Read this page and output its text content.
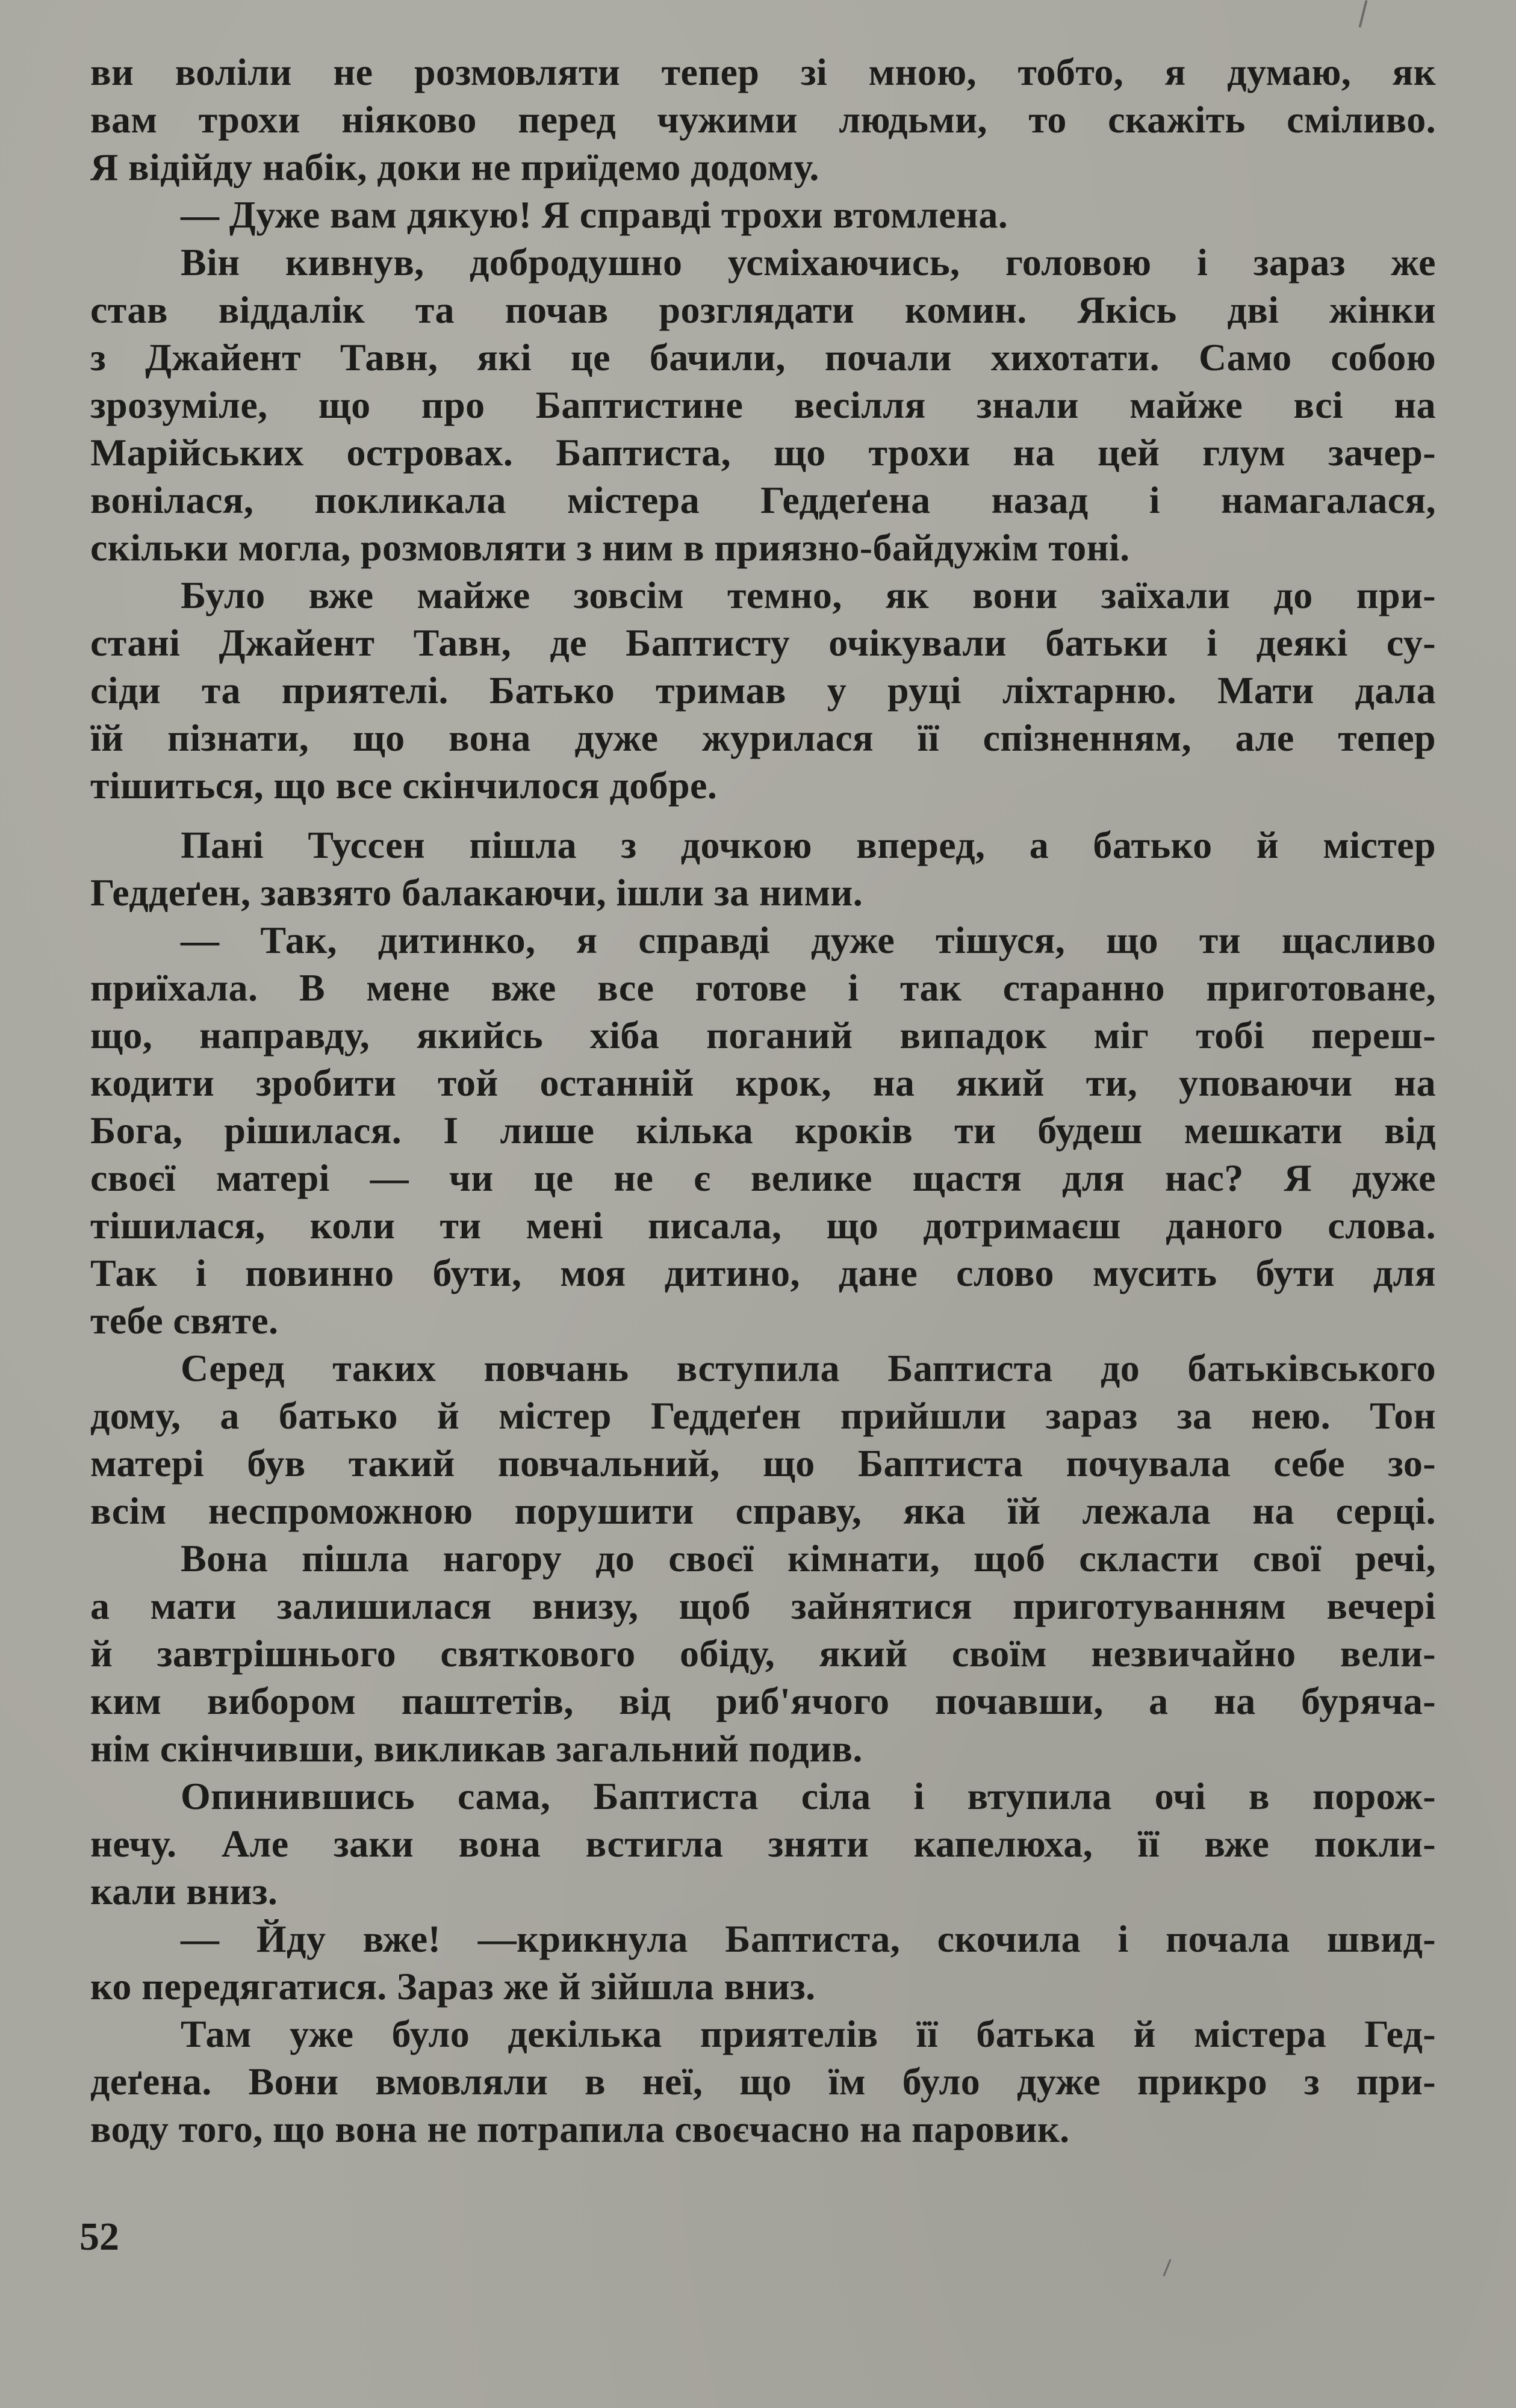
ви воліли не розмовляти тепер зі мною, тобто, я думаю, як
вам трохи ніяково перед чужими людьми, то скажіть сміливо.
Я відійду набік, доки не приїдемо додому.
— Дуже вам дякую! Я справді трохи втомлена.
Він кивнув, добродушно усміхаючись, головою і зараз же
став віддалік та почав розглядати комин. Якісь дві жінки
з Джайент Тавн, які це бачили, почали хихотати. Само собою
зрозуміле, що про Баптистине весілля знали майже всі на
Марійських островах. Баптиста, що трохи на цей глум зачер-
вонілася, покликала містера Геддеґена назад і намагалася,
скільки могла, розмовляти з ним в приязно-байдужім тоні.
Було вже майже зовсім темно, як вони заїхали до при-
стані Джайент Тавн, де Баптисту очікували батьки і деякі су-
сіди та приятелі. Батько тримав у руці ліхтарню. Мати дала
їй пізнати, що вона дуже журилася її спізненням, але тепер
тішиться, що все скінчилося добре.
Пані Туссен пішла з дочкою вперед, а батько й містер
Геддеґен, завзято балакаючи, ішли за ними.
— Так, дитинко, я справді дуже тішуся, що ти щасливо
приїхала. В мене вже все готове і так старанно приготоване,
що, направду, якийсь хіба поганий випадок міг тобі переш-
кодити зробити той останній крок, на який ти, уповаючи на
Бога, рішилася. І лише кілька кроків ти будеш мешкати від
своєї матері — чи це не є велике щастя для нас? Я дуже
тішилася, коли ти мені писала, що дотримаєш даного слова.
Так і повинно бути, моя дитино, дане слово мусить бути для
тебе святе.
Серед таких повчань вступила Баптиста до батьківського
дому, а батько й містер Геддеґен прийшли зараз за нею. Тон
матері був такий повчальний, що Баптиста почувала себе зо-
всім неспроможною порушити справу, яка їй лежала на серці.
Вона пішла нагору до своєї кімнати, щоб скласти свої речі,
а мати залишилася внизу, щоб зайнятися приготуванням вечері
й завтрішнього святкового обіду, який своїм незвичайно вели-
ким вибором паштетів, від риб'ячого почавши, а на буряча-
нім скінчивши, викликав загальний подив.
Опинившись сама, Баптиста сіла і втупила очі в порож-
нечу. Але заки вона встигла зняти капелюха, її вже покли-
кали вниз.
— Йду вже! —крикнула Баптиста, скочила і почала швид-
ко передягатися. Зараз же й зійшла вниз.
Там уже було декілька приятелів її батька й містера Гед-
деґена. Вони вмовляли в неї, що їм було дуже прикро з при-
воду того, що вона не потрапила своєчасно на паровик.
52
